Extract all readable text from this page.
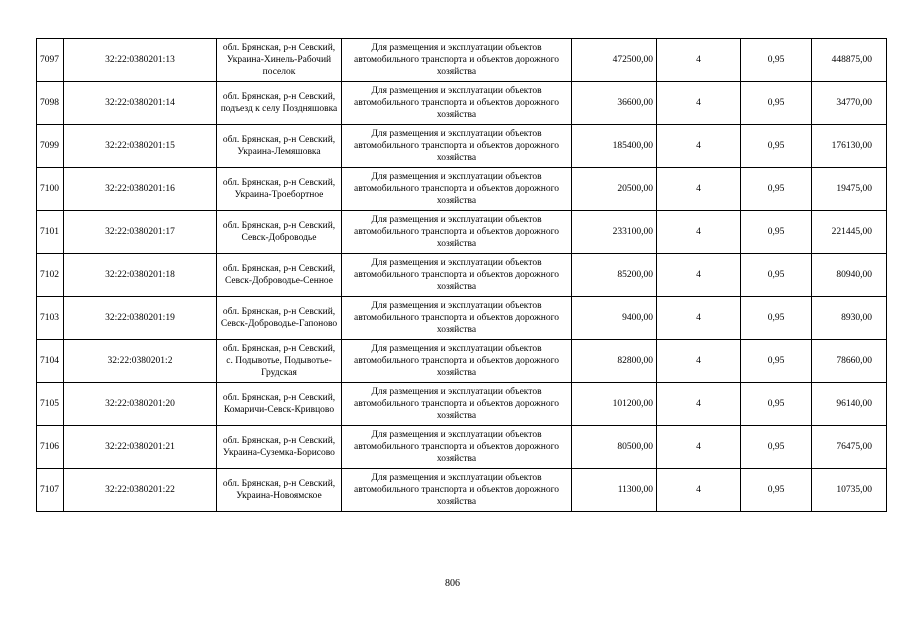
7097	32:22:0380201:13	обл. Брянская, р-н Севский, Украина-Хинель-Рабочий поселок	Для размещения и эксплуатации объектов автомобильного транспорта и объектов дорожного хозяйства	472500,00	4	0,95	448875,00
7098	32:22:0380201:14	обл. Брянская, р-н Севский, подъезд к селу Поздняшовка	Для размещения и эксплуатации объектов автомобильного транспорта и объектов дорожного хозяйства	36600,00	4	0,95	34770,00
7099	32:22:0380201:15	обл. Брянская, р-н Севский, Украина-Лемяшовка	Для размещения и эксплуатации объектов автомобильного транспорта и объектов дорожного хозяйства	185400,00	4	0,95	176130,00
7100	32:22:0380201:16	обл. Брянская, р-н Севский, Украина-Троебортное	Для размещения и эксплуатации объектов автомобильного транспорта и объектов дорожного хозяйства	20500,00	4	0,95	19475,00
7101	32:22:0380201:17	обл. Брянская, р-н Севский, Севск-Доброводье	Для размещения и эксплуатации объектов автомобильного транспорта и объектов дорожного хозяйства	233100,00	4	0,95	221445,00
7102	32:22:0380201:18	обл. Брянская, р-н Севский, Севск-Доброводье-Сенное	Для размещения и эксплуатации объектов автомобильного транспорта и объектов дорожного хозяйства	85200,00	4	0,95	80940,00
7103	32:22:0380201:19	обл. Брянская, р-н Севский, Севск-Доброводье-Гапоново	Для размещения и эксплуатации объектов автомобильного транспорта и объектов дорожного хозяйства	9400,00	4	0,95	8930,00
7104	32:22:0380201:2	обл. Брянская, р-н Севский, с. Подывотье, Подывотье-Грудская	Для размещения и эксплуатации объектов автомобильного транспорта и объектов дорожного хозяйства	82800,00	4	0,95	78660,00
7105	32:22:0380201:20	обл. Брянская, р-н Севский, Комаричи-Севск-Кривцово	Для размещения и эксплуатации объектов автомобильного транспорта и объектов дорожного хозяйства	101200,00	4	0,95	96140,00
7106	32:22:0380201:21	обл. Брянская, р-н Севский, Украина-Суземка-Борисово	Для размещения и эксплуатации объектов автомобильного транспорта и объектов дорожного хозяйства	80500,00	4	0,95	76475,00
7107	32:22:0380201:22	обл. Брянская, р-н Севский, Украина-Новоямское	Для размещения и эксплуатации объектов автомобильного транспорта и объектов дорожного хозяйства	11300,00	4	0,95	10735,00
806
